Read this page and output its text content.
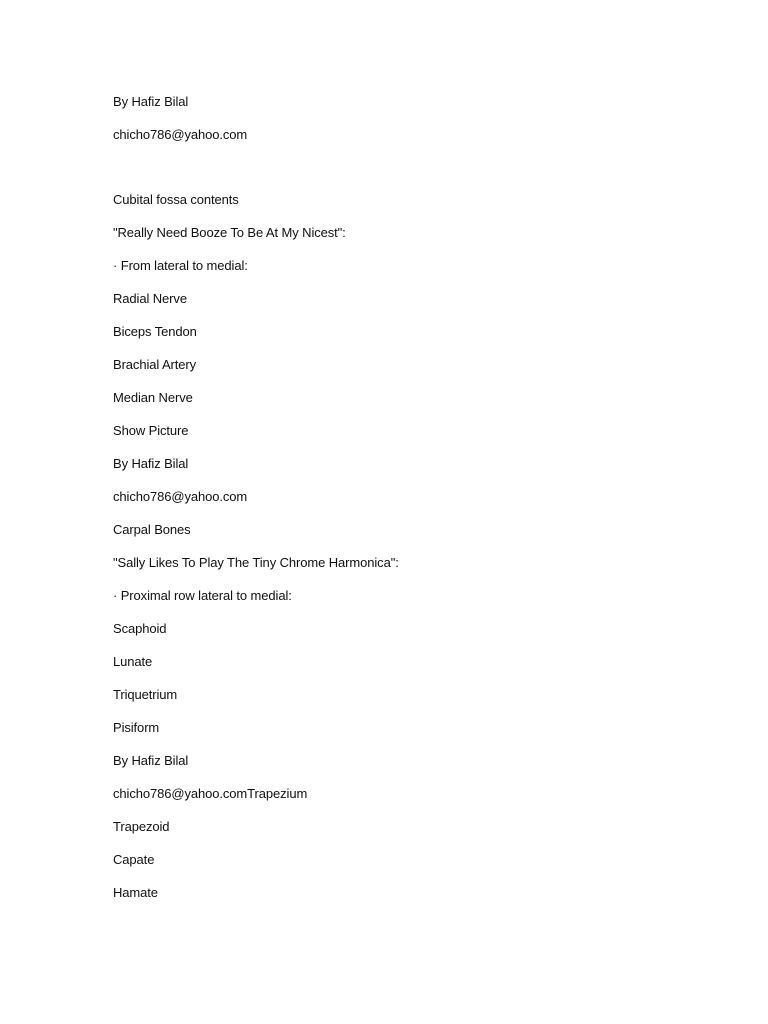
By Hafiz Bilal
chicho786@yahoo.com
Cubital fossa contents
"Really Need Booze To Be At My Nicest":
· From lateral to medial:
Radial Nerve
Biceps Tendon
Brachial Artery
Median Nerve
Show Picture
By Hafiz Bilal
chicho786@yahoo.com
Carpal Bones
"Sally Likes To Play The Tiny Chrome Harmonica":
· Proximal row lateral to medial:
Scaphoid
Lunate
Triquetrium
Pisiform
By Hafiz Bilal
chicho786@yahoo.comTrapezium
Trapezoid
Capate
Hamate
